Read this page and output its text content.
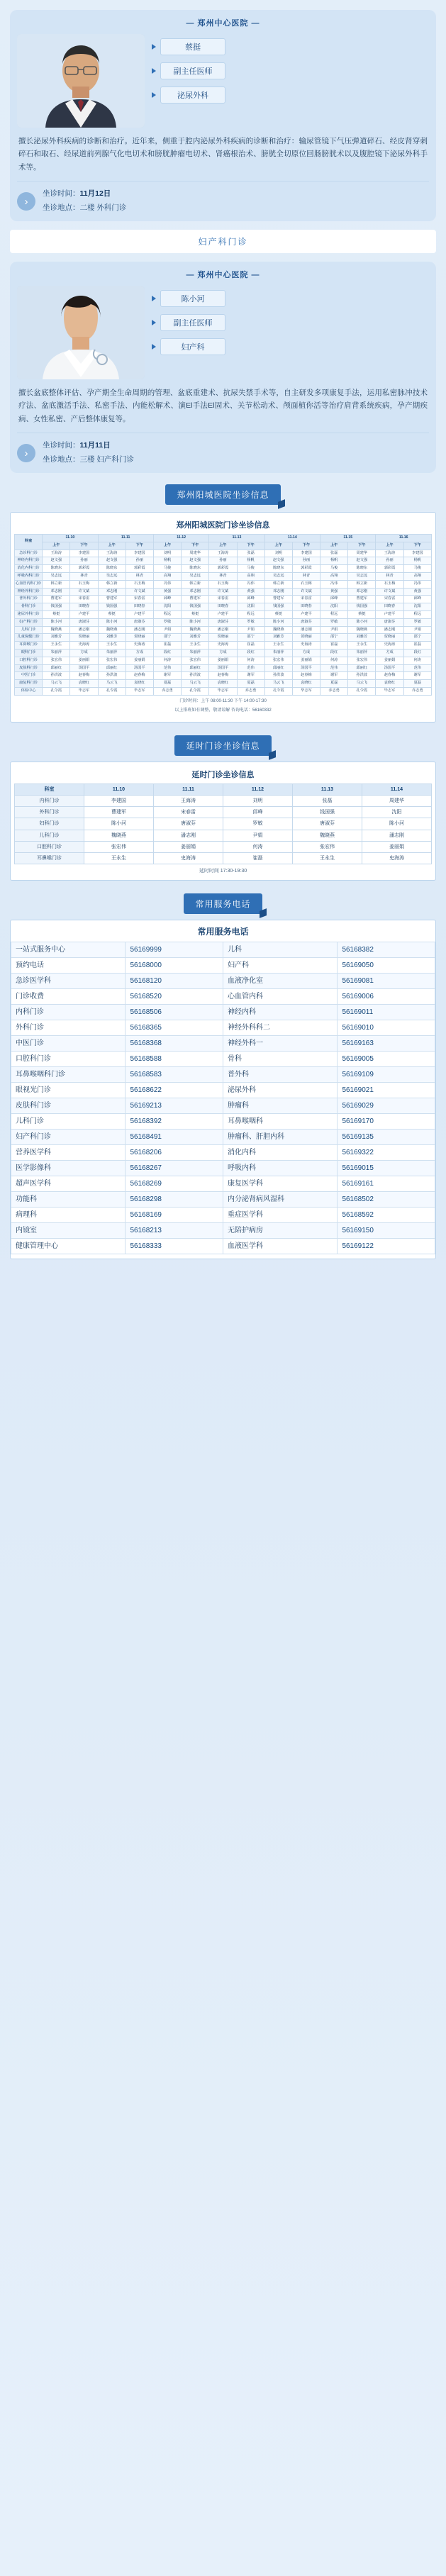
— 郑州中心医院 —
蔡挺
副主任医师
泌尿外科
擅长泌尿外科疾病的诊断和治疗。近年来，侧重于腔内泌尿外科疾病的诊断和治疗：输尿管镜下气压弹道碎石、经皮肾穿刺碎石和取石、经尿道前列腺气化电切术和膀胱肿瘤电切术、肾癌根治术、膀胱全切原位回肠膀胱术以及腹腔镜下泌尿外科手术等。
›
坐诊时间：11月12日
坐诊地点：二楼 外科门诊
妇产科门诊
— 郑州中心医院 —
陈小河
副主任医师
妇产科
擅长盆底整体评估、孕产期全生命周期的管理、盆底重建术、抗尿失禁手术等，自主研发多项康复手法，运用私密脉冲技术疗法、盆底激活手法、私密手法、内能松解术、演El手法El固术、关节松动术、颅面植你活等治疗肩背系统疾病，孕产期疾病、女性私密、产后整体康复等。
›
坐诊时间：11月11日
坐诊地点：三楼 妇产科门诊
郑州阳城医院坐诊信息
郑州阳城医院门诊坐诊信息
科室	11.10		11.11		11.12		11.13		11.14		11.15		11.16	
	上午	下午	上午	下午	上午	下午	上午	下午	上午	下午	上午	下午	上午	下午
急诊科门诊	王海涛	李建国	王海涛	李建国	刘明	周建华	王海涛	张磊	刘明	李建国	张磊	周建华	王海涛	李建国
神经内科门诊	赵文强	孙丽	赵文强	孙丽	杨帆	赵文强	孙丽	杨帆	赵文强	孙丽	杨帆	赵文强	孙丽	杨帆
消化内科门诊	陈晓东	郭彩霞	陈晓东	郭彩霞	马俊	陈晓东	郭彩霞	马俊	陈晓东	郭彩霞	马俊	陈晓东	郭彩霞	马俊
呼吸内科门诊	吴志远	林青	吴志远	林青	高翔	吴志远	林青	高翔	吴志远	林青	高翔	吴志远	林青	高翔
心血管内科门诊	韩立新	石玉梅	韩立新	石玉梅	冯伟	韩立新	石玉梅	冯伟	韩立新	石玉梅	冯伟	韩立新	石玉梅	冯伟
神经外科门诊	邓志刚	许文斌	邓志刚	许文斌	黄强	邓志刚	许文斌	黄强	邓志刚	许文斌	黄强	邓志刚	许文斌	黄强
普外科门诊	曹建军	宋春雷	曹建军	宋春雷	邱峰	曹建军	宋春雷	邱峰	曹建军	宋春雷	邱峰	曹建军	宋春雷	邱峰
骨科门诊	钱国强	田晓春	钱国强	田晓春	沈阳	钱国强	田晓春	沈阳	钱国强	田晓春	沈阳	钱国强	田晓春	沈阳
泌尿外科门诊	蔡挺	卢建平	蔡挺	卢建平	程远	蔡挺	卢建平	程远	蔡挺	卢建平	程远	蔡挺	卢建平	程远
妇产科门诊	陈小河	唐淑芬	陈小河	唐淑芬	罗敏	陈小河	唐淑芬	罗敏	陈小河	唐淑芬	罗敏	陈小河	唐淑芬	罗敏
儿科门诊	魏晓燕	潘志刚	魏晓燕	潘志刚	尹娟	魏晓燕	潘志刚	尹娟	魏晓燕	潘志刚	尹娟	魏晓燕	潘志刚	尹娟
儿童保健门诊	刘雅芳	贺晓丽	刘雅芳	贺晓丽	邵宁	刘雅芳	贺晓丽	邵宁	刘雅芳	贺晓丽	邵宁	刘雅芳	贺晓丽	邵宁
耳鼻喉门诊	王永生	史海涛	王永生	史海涛	崔磊	王永生	史海涛	崔磊	王永生	史海涛	崔磊	王永生	史海涛	崔磊
眼科门诊	朱丽萍	方成	朱丽萍	方成	段红	朱丽萍	方成	段红	朱丽萍	方成	段红	朱丽萍	方成	段红
口腔科门诊	张宏伟	姜丽娟	张宏伟	姜丽娟	何涛	张宏伟	姜丽娟	何涛	张宏伟	姜丽娟	何涛	张宏伟	姜丽娟	何涛
皮肤科门诊	邱丽红	汤国平	邱丽红	汤国平	范伟	邱丽红	汤国平	范伟	邱丽红	汤国平	范伟	邱丽红	汤国平	范伟
中医门诊	孙洪波	赵春梅	孙洪波	赵春梅	谢军	孙洪波	赵春梅	谢军	孙洪波	赵春梅	谢军	孙洪波	赵春梅	谢军
康复科门诊	马云飞	袁晓红	马云飞	袁晓红	夏磊	马云飞	袁晓红	夏磊	马云飞	袁晓红	夏磊	马云飞	袁晓红	夏磊
体检中心	孔令霞	毕志军	孔令霞	毕志军	乔志勇	孔令霞	毕志军	乔志勇	孔令霞	毕志军	乔志勇	孔令霞	毕志军	乔志勇
门诊时间：上午 08:00-11:30 下午 14:00-17:30
以上排班如有调整，敬请谅解 咨询电话：56160332
延时门诊坐诊信息
延时门诊坐诊信息
科室	11.10	11.11	11.12	11.13	11.14
内科门诊	李建国	王海涛	刘明	张磊	周建华
外科门诊	曹建军	宋春雷	邱峰	钱国强	沈阳
妇科门诊	陈小河	唐淑芬	罗敏	唐淑芬	陈小河
儿科门诊	魏晓燕	潘志刚	尹娟	魏晓燕	潘志刚
口腔科门诊	张宏伟	姜丽娟	何涛	张宏伟	姜丽娟
耳鼻喉门诊	王永生	史海涛	崔磊	王永生	史海涛
延时时间 17:30-19:30
常用服务电话
常用服务电话
一站式服务中心	56169999	儿科	56168382
预约电话	56168000	妇产科	56169050
急诊医学科	56168120	血液净化室	56169081
门诊收费	56168520	心血管内科	56169006
内科门诊	56168506	神经内科	56169011
外科门诊	56168365	神经外科科二	56169010
中医门诊	56168368	神经外科一	56169163
口腔科门诊	56168588	骨科	56169005
耳鼻喉咽科门诊	56168583	普外科	56169109
眼视光门诊	56168622	泌尿外科	56169021
皮肤科门诊	56169213	肿瘤科	56169029
儿科门诊	56168392	耳鼻喉咽科	56169170
妇产科门诊	56168491	肿瘤科、肝胆内科	56169135
营养医学科	56168206	消化内科	56169322
医学影像科	56168267	呼吸内科	56169015
超声医学科	56168269	康复医学科	56169161
功能科	56168298	内分泌肾病风湿科	56168502
病理科	56168169	重症医学科	56168592
内镜室	56168213	无陪护病房	56169150
健康管理中心	56168333	血液医学科	56169122
